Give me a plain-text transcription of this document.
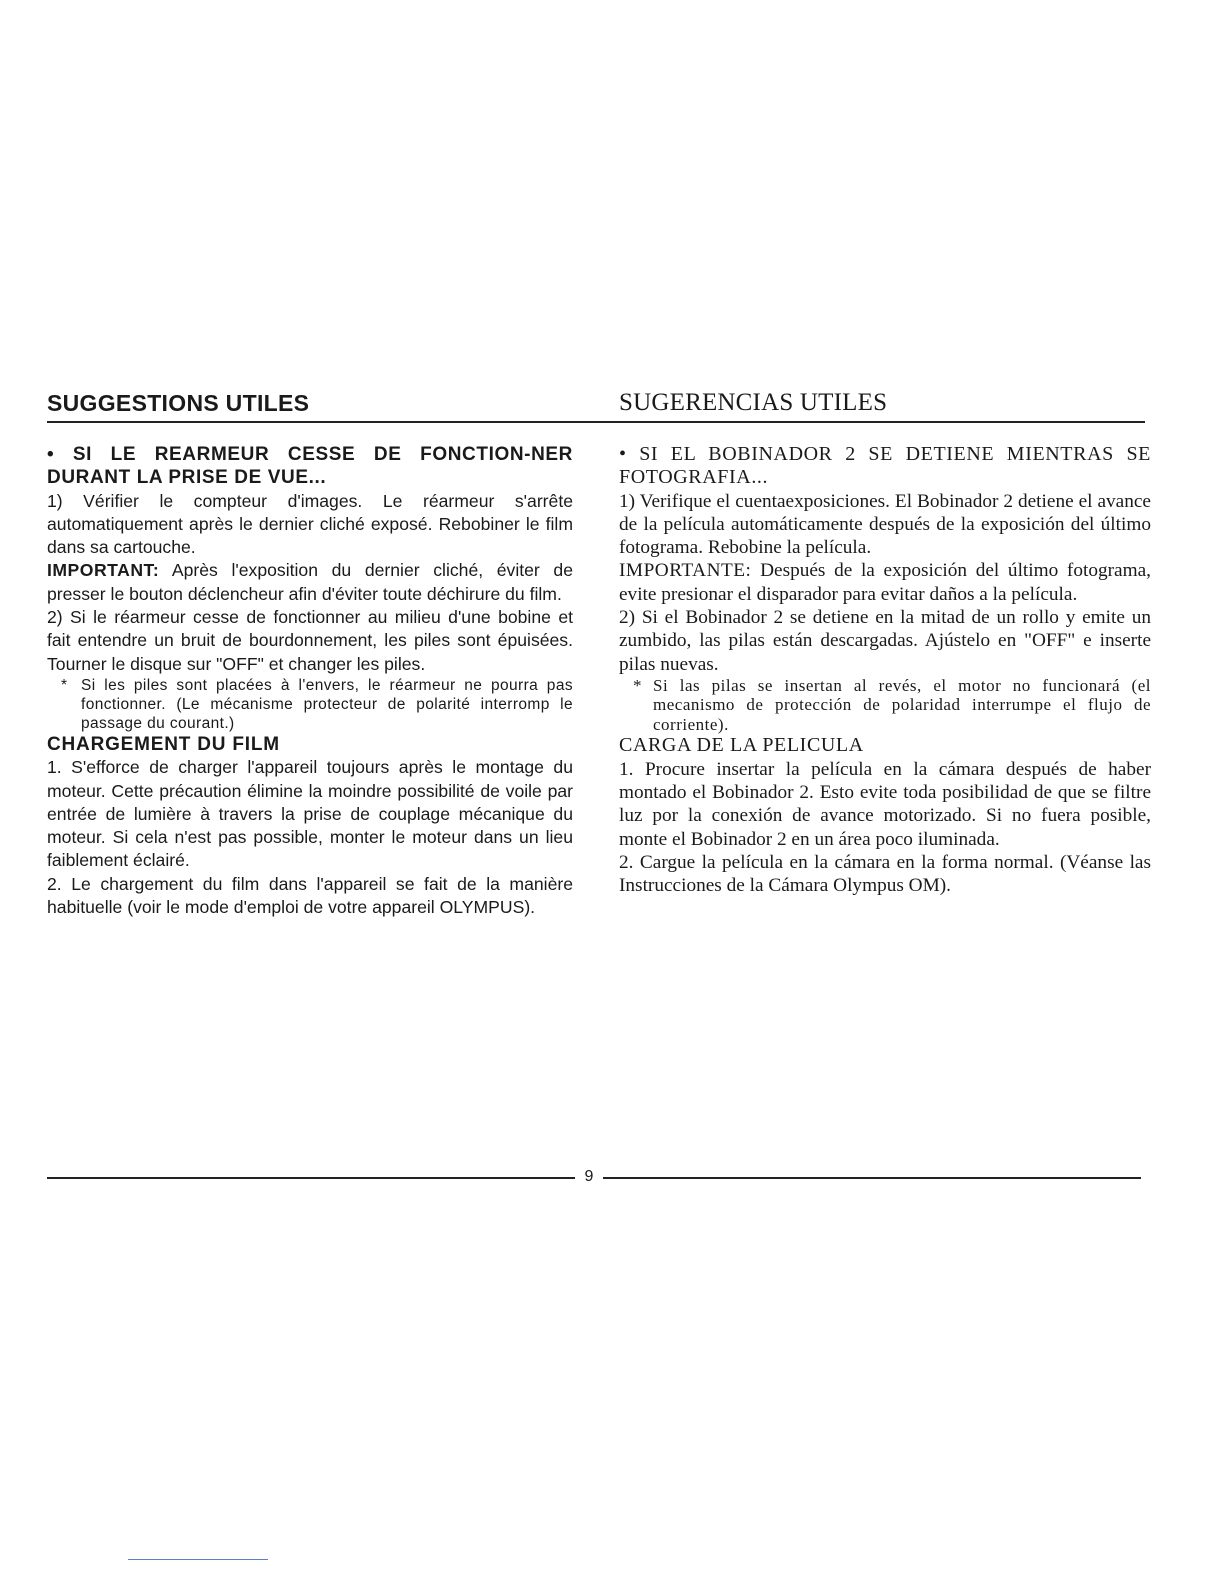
SUGGESTIONS UTILES

• SI LE REARMEUR CESSE DE FONCTION-NER DURANT LA PRISE DE VUE...

1) Vérifier le compteur d'images. Le réarmeur s'arrête automatiquement après le dernier cliché exposé. Rebobiner le film dans sa cartouche.

IMPORTANT: Après l'exposition du dernier cliché, éviter de presser le bouton déclencheur afin d'éviter toute déchirure du film.

2) Si le réarmeur cesse de fonctionner au milieu d'une bobine et fait entendre un bruit de bourdonnement, les piles sont épuisées. Tourner le disque sur "OFF" et changer les piles.

* Si les piles sont placées à l'envers, le réarmeur ne pourra pas fonctionner. (Le mécanisme protecteur de polarité interromp le passage du courant.)

CHARGEMENT DU FILM

1. S'efforce de charger l'appareil toujours après le montage du moteur. Cette précaution élimine la moindre possibilité de voile par entrée de lumière à travers la prise de couplage mécanique du moteur. Si cela n'est pas possible, monter le moteur dans un lieu faiblement éclairé.

2. Le chargement du film dans l'appareil se fait de la manière habituelle (voir le mode d'emploi de votre appareil OLYMPUS).

SUGERENCIAS UTILES

• SI EL BOBINADOR 2 SE DETIENE MIENTRAS SE FOTOGRAFIA...

1) Verifique el cuentaexposiciones. El Bobinador 2 detiene el avance de la película automáticamente después de la exposición del último fotograma. Rebobine la película.

IMPORTANTE: Después de la exposición del último fotograma, evite presionar el disparador para evitar daños a la película.

2) Si el Bobinador 2 se detiene en la mitad de un rollo y emite un zumbido, las pilas están descargadas. Ajústelo en "OFF" e inserte pilas nuevas.

* Si las pilas se insertan al revés, el motor no funcionará (el mecanismo de protección de polaridad interrumpe el flujo de corriente).

CARGA DE LA PELICULA

1. Procure insertar la película en la cámara después de haber montado el Bobinador 2. Esto evite toda posibilidad de que se filtre luz por la conexión de avance motorizado. Si no fuera posible, monte el Bobinador 2 en un área poco iluminada.

2. Cargue la película en la cámara en la forma normal. (Véanse las Instrucciones de la Cámara Olympus OM).

9
